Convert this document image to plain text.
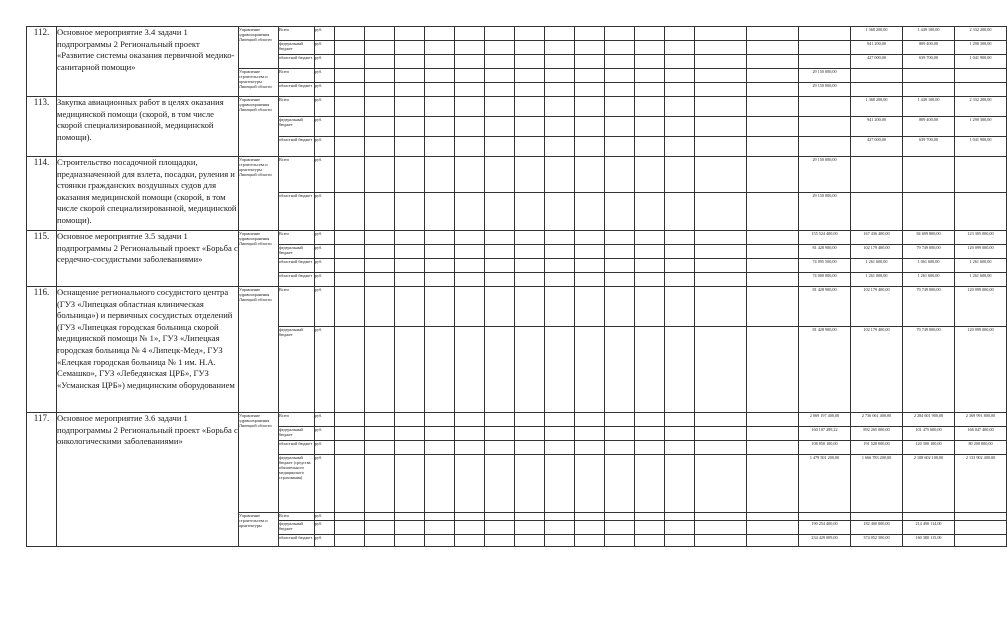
112.	Основное мероприятие 3.4 задачи 1 подпрограммы 2 Региональный проект «Развитие системы оказания первичной медико-санитарной помощи»	Управление здравоохранения Липецкой области	Всего	руб.																1 368 200,00	1 449 100,00	2 332 200,00		
			федеральный бюджет	руб.																941 200,00	809 400,00	1 290 300,00		
			областной бюджет	руб.																427 000,00	639 700,00	1 041 900,00		
		Управление строительства и архитектуры Липецкой области	Всего	руб.															29 150 000,00					
			областной бюджет	руб.															29 150 000,00					
113.	Закупка авиационных работ в целях оказания медицинской помощи (скорой, в том числе скорой специализированной, медицинской помощи).	Управление здравоохранения Липецкой области	Всего	руб.																1 368 200,00	1 449 100,00	2 332 200,00		
			федеральный бюджет	руб.																941 200,00	809 400,00	1 290 300,00		
			областной бюджет	руб.																427 000,00	639 700,00	1 041 900,00		
114.	Строительство посадочной площадки, предназначенной для взлета, посадки, руления и стоянки гражданских воздушных судов для оказания медицинской помощи (скорой, в том числе скорой специализированной, медицинской помощи).	Управление строительства и архитектуры Липецкой области	Всего	руб.															29 150 000,00					
			областной бюджет	руб.															29 150 000,00					
115.	Основное мероприятие 3.5 задачи 1 подпрограммы 2 Региональный проект «Борьба с сердечно-сосудистыми заболеваниями»	Управление здравоохранения Липецкой области	Всего	руб.															155 524 400,00	167 436 400,00	84 699 800,00	123 305 000,00		
			федеральный бюджет	руб.															81 428 900,00	102 179 400,00	79 749 000,00	120 099 000,00		
			областной бюджет	руб.															74 095 500,00	1 261 600,00	1 061 600,00	1 261 600,00		
			областной бюджет	руб.															74 000 000,00	1 261 000,00	1 261 600,00	1 261 600,00		
116.	Оснащение регионального сосудистого центра (ГУЗ «Липецкая областная клиническая больница») и первичных сосудистых отделений (ГУЗ «Липецкая городская больница скорой медицинской помощи № 1», ГУЗ «Липецкая городская больница № 4 «Липецк-Мед», ГУЗ «Елецкая городская больница № 1 им. Н.А. Семашко», ГУЗ «Лебедянская ЦРБ», ГУЗ «Усманская ЦРБ») медицинским оборудованием	Управление здравоохранения Липецкой области	Всего	руб.															81 428 900,00	102 179 400,00	79 749 000,00	120 099 000,00		
			федеральный бюджет	руб.															81 428 900,00	102 179 400,00	79 749 000,00	120 099 000,00		
117.	Основное мероприятие 3.6 задачи 1 подпрограммы 2 Региональный проект «Борьба с онкологическими заболеваниями»	Управление здравоохранения Липецкой области	Всего	руб.															2 069 197 400,00	2 736 061 400,00	2 284 601 900,00	2 369 991 800,00		
			федеральный бюджет	руб.															160 107 289,22	892 265 000,00	101 475 600,00	166 047 400,00		
			областной бюджет	руб.															108 850 100,00	191 520 000,00	120 300 100,00	80 200 000,00		
			федеральный бюджет (средства обязательного медицинского страхования)	руб.															1 479 501 200,00	1 666 783 200,00	2 108 602 100,00	2 133 902 400,00		
		Управление строительства и архитектуры	Всего	руб.																				
			федеральный бюджет	руб.															190 254 400,00	182 400 000,00	214 490 114,00			
			областной бюджет	руб.															234 429 009,00	374 052 500,00	160 380 115,00			
